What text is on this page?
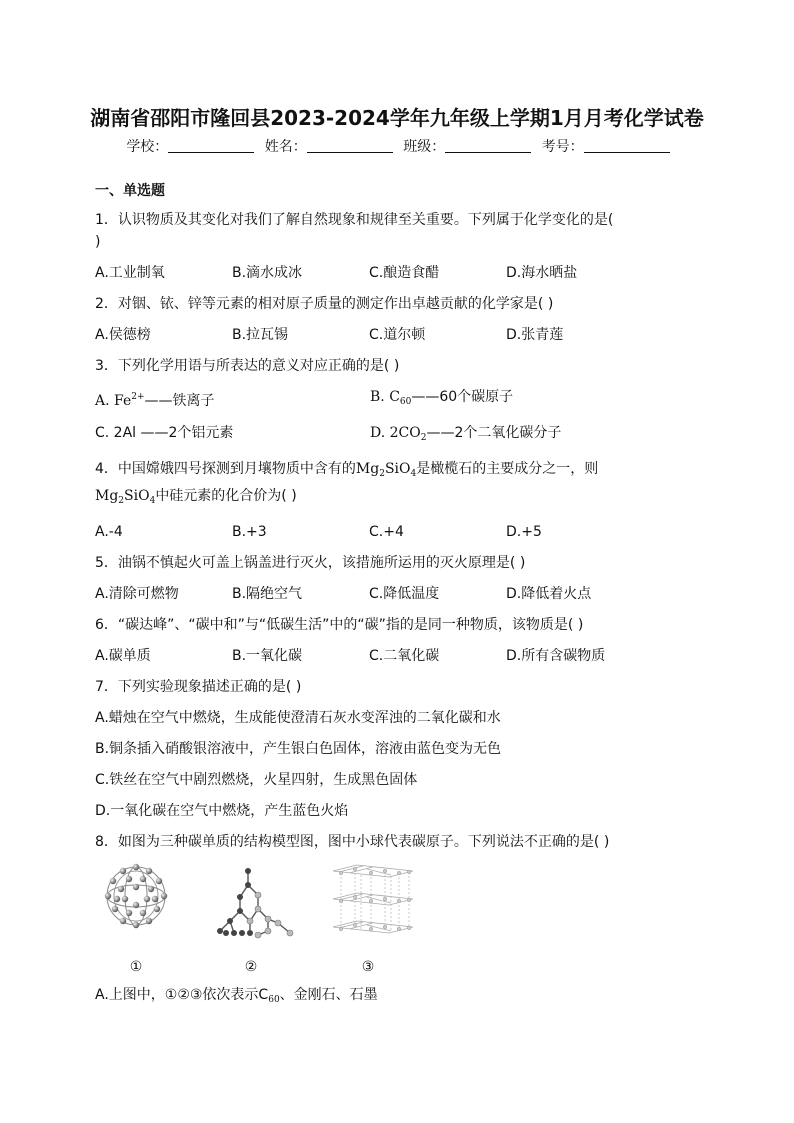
湖南省邵阳市隆回县2023-2024学年九年级上学期1月月考化学试卷
学校：	姓名：	班级：	考号：
一、单选题
1．认识物质及其变化对我们了解自然现象和规律至关重要。下列属于化学变化的是(
)
A.工业制氧	B.滴水成冰	C.酿造食醋	D.海水晒盐
2．对铟、铱、锌等元素的相对原子质量的测定作出卓越贡献的化学家是( )
A.侯德榜	B.拉瓦锡	C.道尔顿	D.张青莲
3．下列化学用语与所表达的意义对应正确的是( )
A. $Fe^{2+}——$铁离子	B. $C_{60}——60$个碳原子
C. 2Al ——2个铝元素	D. $2CO_2——2$个二氧化碳分子
4．中国嫦娥四号探测到月壤物质中含有的$Mg_2SiO_4$是橄榄石的主要成分之一，则
$Mg_2SiO_4$中硅元素的化合价为( )
A.-4	B.+3	C.+4	D.+5
5．油锅不慎起火可盖上锅盖进行灭火，该措施所运用的灭火原理是( )
A.清除可燃物	B.隔绝空气	C.降低温度	D.降低着火点
6．“碳达峰”、“碳中和”与“低碳生活”中的“碳”指的是同一种物质，该物质是( )
A.碳单质	B.一氧化碳	C.二氧化碳	D.所有含碳物质
7．下列实验现象描述正确的是( )
A.蜡烛在空气中燃烧，生成能使澄清石灰水变浑浊的二氧化碳和水
B.铜条插入硝酸银溶液中，产生银白色固体，溶液由蓝色变为无色
C.铁丝在空气中剧烈燃烧，火星四射，生成黑色固体
D.一氧化碳在空气中燃烧，产生蓝色火焰
8．如图为三种碳单质的结构模型图，图中小球代表碳原子。下列说法不正确的是( )
①	②	③
A.上图中，①②③依次表示$C_{60}$、金刚石、石墨
